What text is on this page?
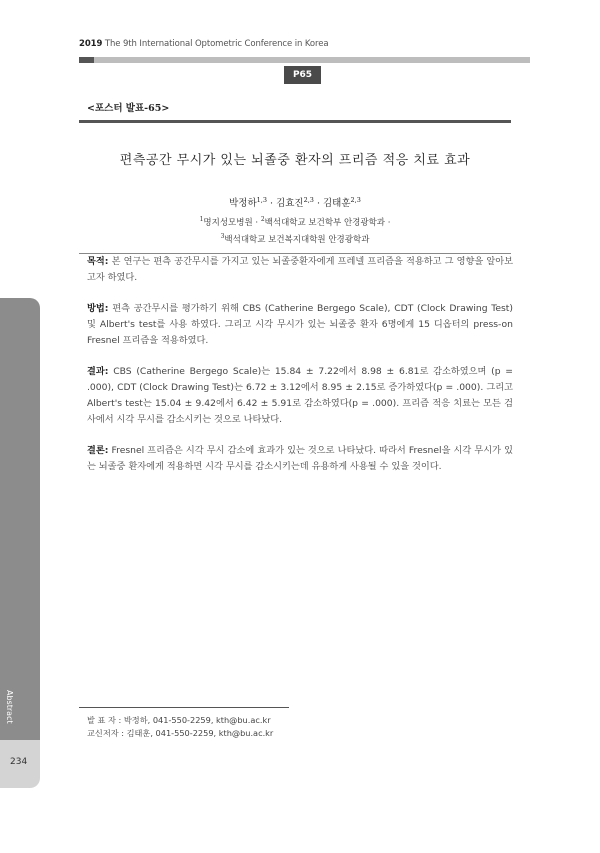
2019 The 9th International Optometric Conference in Korea
P65
<포스터 발표-65>
편측공간 무시가 있는 뇌졸중 환자의 프리즘 적응 치료 효과
박정하$^{1,3}$ · 김효진$^{2,3}$ · 김태훈$^{2,3}$
$^1$명지성모병원 · $^2$백석대학교 보건학부 안경광학과 ·
$^3$백석대학교 보건복지대학원 안경광학과
목적: 본 연구는 편측 공간무시를 가지고 있는 뇌졸중환자에게 프레넬 프리즘을 적용하고 그 영향을 알아보고자 하였다.
방법: 편측 공간무시를 평가하기 위해 CBS (Catherine Bergego Scale), CDT (Clock Drawing Test) 및 Albert's test를 사용 하였다. 그리고 시각 무시가 있는 뇌졸중 환자 6명에게 15 디옵터의 press-on Fresnel 프리즘을 적용하였다.
결과: CBS (Catherine Bergego Scale)는 15.84 ± 7.22에서 8.98 ± 6.81로 감소하였으며 (p = .000), CDT (Clock Drawing Test)는 6.72 ± 3.12에서 8.95 ± 2.15로 증가하였다(p = .000). 그리고 Albert's test는 15.04 ± 9.42에서 6.42 ± 5.91로 감소하였다(p = .000). 프리즘 적응 치료는 모든 검사에서 시각 무시를 감소시키는 것으로 나타났다.
결론: Fresnel 프리즘은 시각 무시 감소에 효과가 있는 것으로 나타났다. 따라서 Fresnel을 시각 무시가 있는 뇌졸중 환자에게 적용하면 시각 무시를 감소시키는데 유용하게 사용될 수 있을 것이다.
발 표 자 : 박정하, 041-550-2259, kth@bu.ac.kr
교신저자 : 김태훈, 041-550-2259, kth@bu.ac.kr
Abstract
234
